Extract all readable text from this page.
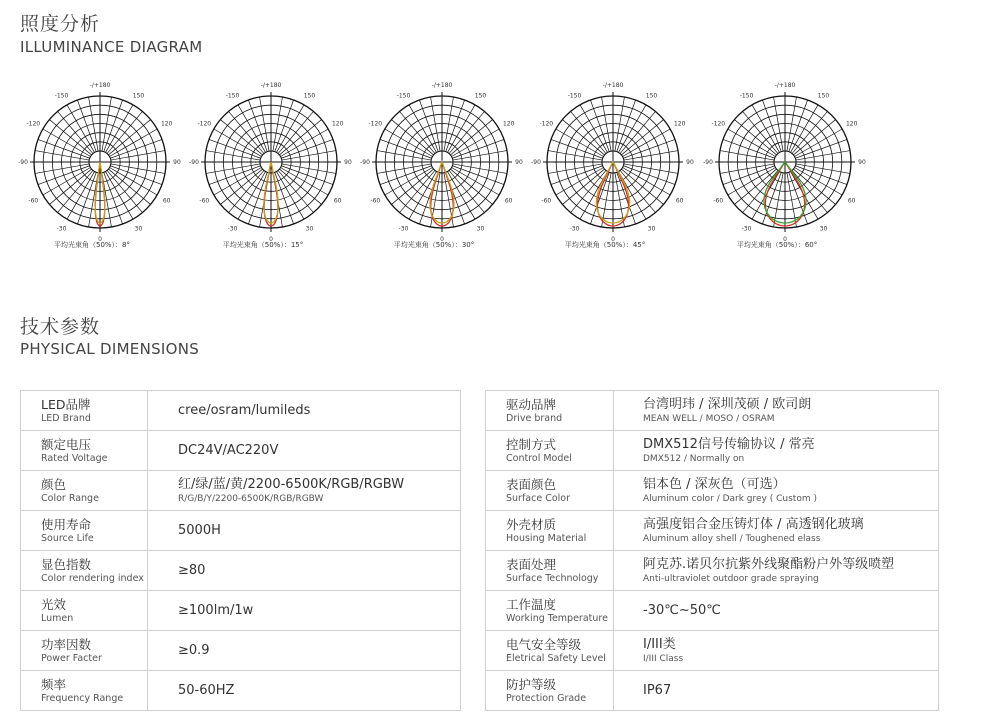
照度分析
ILLUMINANCE DIAGRAM
-/+180
-150	150
-120	120
-90	90
-60	60
-30	30
0
平均光束角（50%）：8°
-/+180
-150	150
-120	120
-90	90
-60	60
-30	30
0
平均光束角（50%）：15°
-/+180
-150	150
-120	120
-90	90
-60	60
-30	30
0
平均光束角（50%）：30°
-/+180
-150	150
-120	120
-90	90
-60	60
-30	30
0
平均光束角（50%）：45°
-/+180
-150	150
-120	120
-90	90
-60	60
-30	30
0
平均光束角（50%）：60°
技术参数
PHYSICAL DIMENSIONS
LED品牌
LED Brand	cree/osram/lumileds

额定电压
Rated Voltage	DC24V/AC220V

颜色
Color Range	红/绿/蓝/黄/2200-6500K/RGB/RGBW
R/G/B/Y/2200-6500K/RGB/RGBW

使用寿命
Source Life	5000H

显色指数
Color rendering index	≥80

光效
Lumen	≥100lm/1w

功率因数
Power Facter	≥0.9

频率
Frequency Range	50-60HZ
驱动品牌
Drive brand	台湾明玮 / 深圳茂硕 / 欧司朗
MEAN WELL / MOSO / OSRAM

控制方式
Control Model	DMX512信号传输协议 / 常亮
DMX512 / Normally on

表面颜色
Surface Color	铝本色 / 深灰色（可选）
Aluminum color / Dark grey ( Custom )

外壳材质
Housing Material	高强度铝合金压铸灯体 / 高透钢化玻璃
Aluminum alloy shell / Toughened elass

表面处理
Surface Technology	阿克苏.诺贝尔抗紫外线聚酯粉户外等级喷塑
Anti-ultraviolet outdoor grade spraying

工作温度
Working Temperature	-30℃~50℃

电气安全等级
Eletrical Safety Level	I/III类
I/III Class

防护等级
Protection Grade	IP67
